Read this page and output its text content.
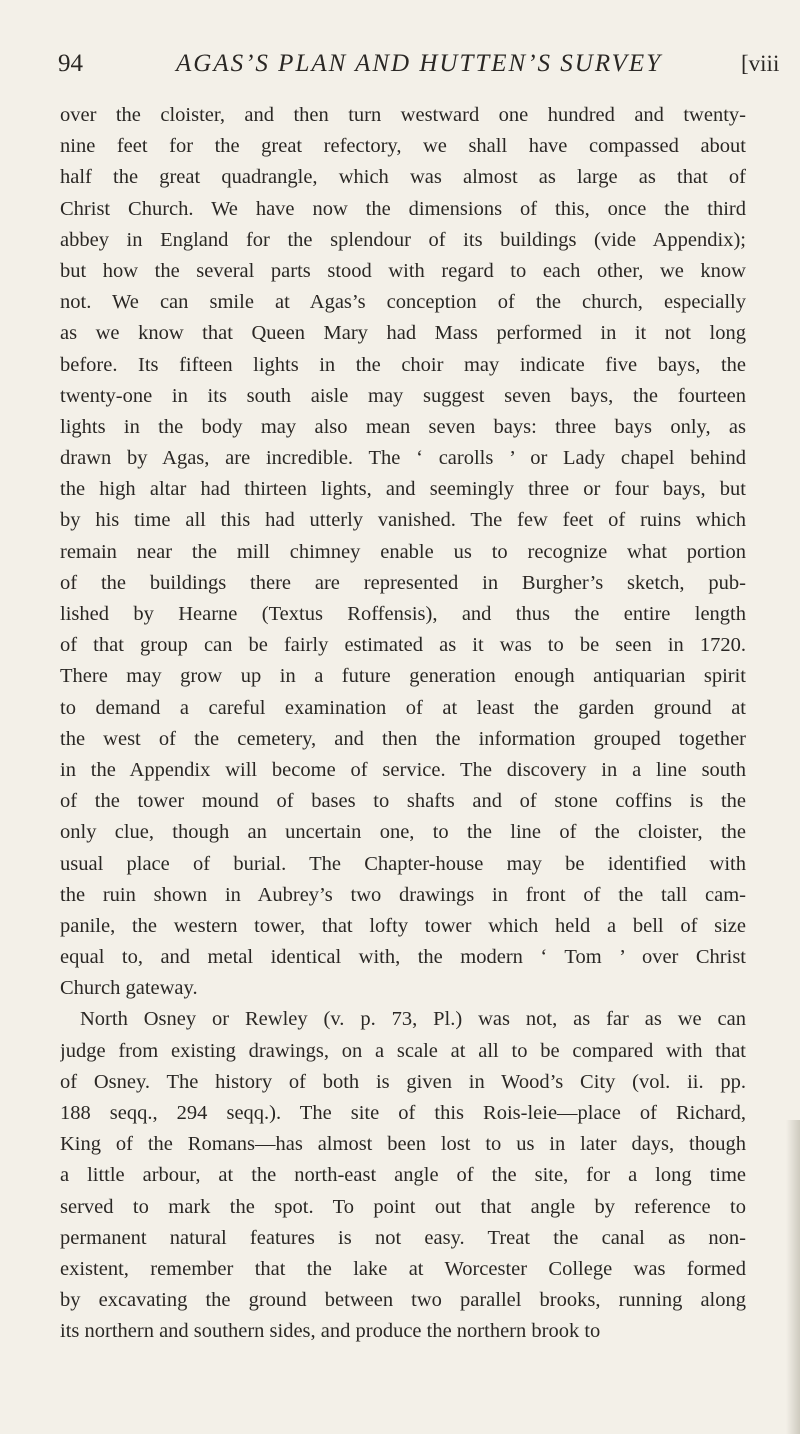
94	AGAS’S PLAN AND HUTTEN’S SURVEY	[viii

over the cloister, and then turn westward one hundred and twenty-
nine feet for the great refectory, we shall have compassed about
half the great quadrangle, which was almost as large as that of
Christ Church. We have now the dimensions of this, once the third
abbey in England for the splendour of its buildings (vide Appendix);
but how the several parts stood with regard to each other, we know
not. We can smile at Agas’s conception of the church, especially
as we know that Queen Mary had Mass performed in it not long
before. Its fifteen lights in the choir may indicate five bays, the
twenty-one in its south aisle may suggest seven bays, the fourteen
lights in the body may also mean seven bays: three bays only, as
drawn by Agas, are incredible. The ‘ carolls ’ or Lady chapel behind
the high altar had thirteen lights, and seemingly three or four bays, but
by his time all this had utterly vanished. The few feet of ruins which
remain near the mill chimney enable us to recognize what portion
of the buildings there are represented in Burgher’s sketch, pub-
lished by Hearne (Textus Roffensis), and thus the entire length
of that group can be fairly estimated as it was to be seen in 1720.
There may grow up in a future generation enough antiquarian spirit
to demand a careful examination of at least the garden ground at
the west of the cemetery, and then the information grouped together
in the Appendix will become of service. The discovery in a line south
of the tower mound of bases to shafts and of stone coffins is the
only clue, though an uncertain one, to the line of the cloister, the
usual place of burial. The Chapter-house may be identified with
the ruin shown in Aubrey’s two drawings in front of the tall cam-
panile, the western tower, that lofty tower which held a bell of size
equal to, and metal identical with, the modern ‘ Tom ’ over Christ
Church gateway.

North Osney or Rewley (v. p. 73, Pl.) was not, as far as we can
judge from existing drawings, on a scale at all to be compared with that
of Osney. The history of both is given in Wood’s City (vol. ii. pp.
188 seqq., 294 seqq.). The site of this Rois-leie—place of Richard,
King of the Romans—has almost been lost to us in later days, though
a little arbour, at the north-east angle of the site, for a long time
served to mark the spot. To point out that angle by reference to
permanent natural features is not easy. Treat the canal as non-
existent, remember that the lake at Worcester College was formed
by excavating the ground between two parallel brooks, running along
its northern and southern sides, and produce the northern brook to
